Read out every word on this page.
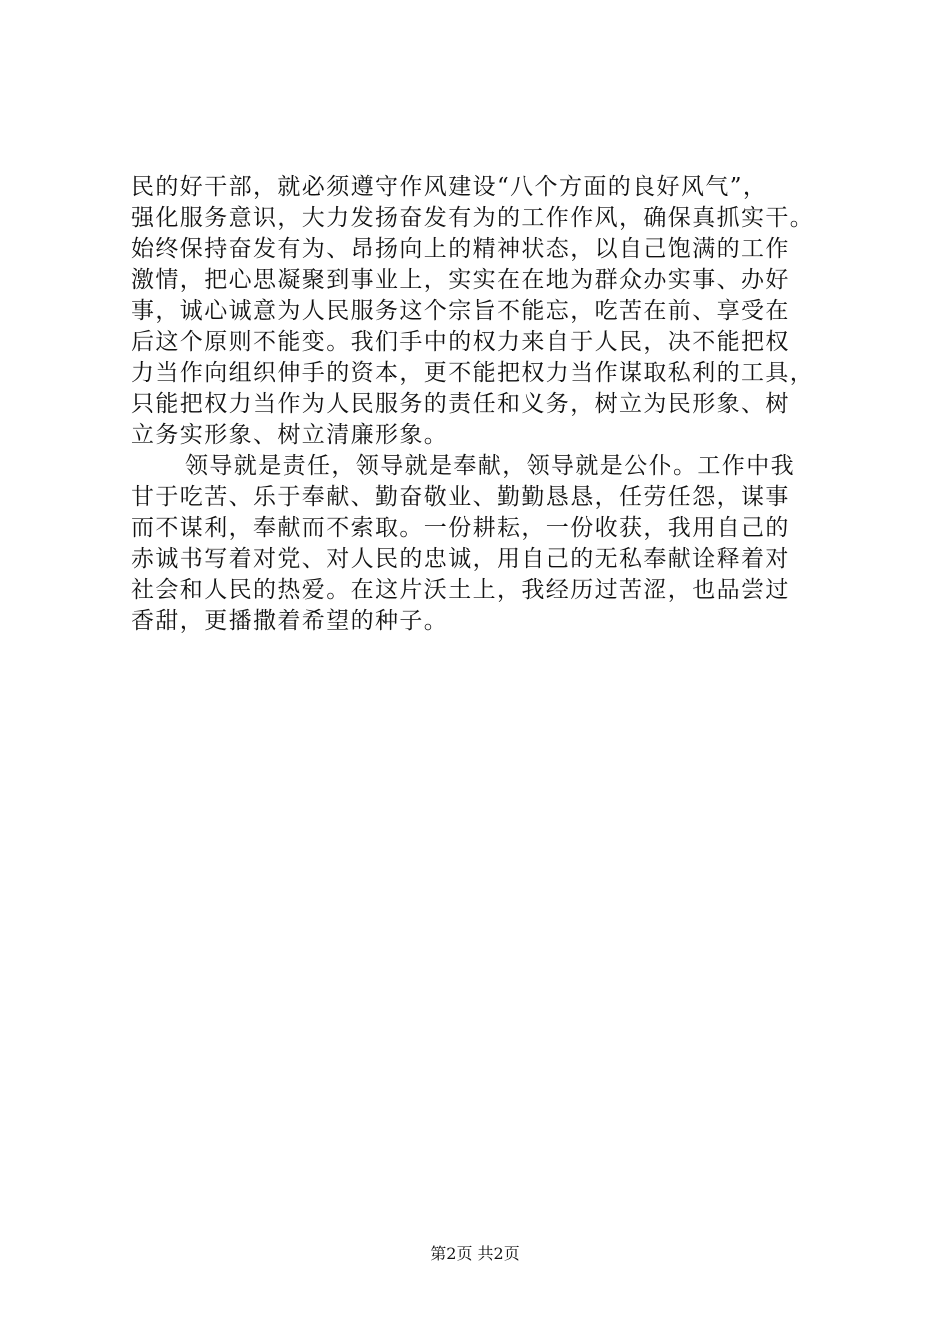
民的好干部，就必须遵守作风建设“八个方面的良好风气”，
强化服务意识，大力发扬奋发有为的工作作风，确保真抓实干。
始终保持奋发有为、昂扬向上的精神状态，以自己饱满的工作
激情，把心思凝聚到事业上，实实在在地为群众办实事、办好
事，诚心诚意为人民服务这个宗旨不能忘，吃苦在前、享受在
后这个原则不能变。我们手中的权力来自于人民，决不能把权
力当作向组织伸手的资本，更不能把权力当作谋取私利的工具，
只能把权力当作为人民服务的责任和义务，树立为民形象、树
立务实形象、树立清廉形象。
领导就是责任，领导就是奉献，领导就是公仆。工作中我
甘于吃苦、乐于奉献、勤奋敬业、勤勤恳恳，任劳任怨，谋事
而不谋利，奉献而不索取。一份耕耘，一份收获，我用自己的
赤诚书写着对党、对人民的忠诚，用自己的无私奉献诠释着对
社会和人民的热爱。在这片沃土上，我经历过苦涩，也品尝过
香甜，更播撒着希望的种子。
第2页 共2页
